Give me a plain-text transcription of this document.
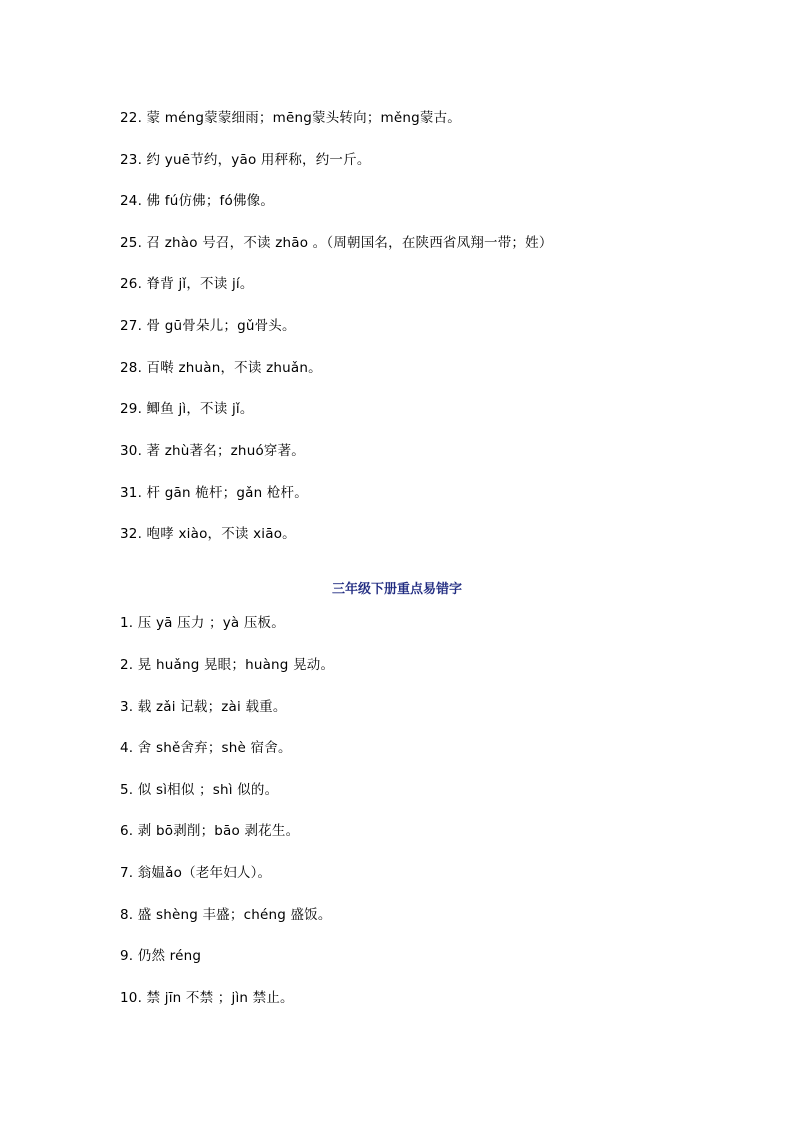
22. 蒙 méng蒙蒙细雨；mēng蒙头转向；měng蒙古。
23. 约 yuē节约，yāo 用秤称，约一斤。
24. 佛 fú仿佛；fó佛像。
25. 召 zhào 号召，不读 zhāo 。（周朝国名，在陕西省凤翔一带；姓）
26. 脊背 jǐ，不读 jí。
27. 骨 gū骨朵儿；gǔ骨头。
28. 百啭 zhuàn，不读 zhuǎn。
29. 鲫鱼 jì，不读 jǐ。
30. 著 zhù著名；zhuó穿著。
31. 杆 gān 桅杆；gǎn 枪杆。
32. 咆哮 xiào，不读 xiāo。
三年级下册重点易错字
1. 压 yā 压力 ；yà 压板。
2. 晃 huǎng 晃眼；huàng 晃动。
3. 载 zǎi 记载；zài 载重。
4. 舍 shě舍弃；shè 宿舍。
5. 似 sì相似 ；shì 似的。
6. 剥 bō剥削；bāo 剥花生。
7. 翁媪ǎo（老年妇人）。
8. 盛 shèng 丰盛；chéng 盛饭。
9. 仍然 réng
10. 禁 jīn 不禁 ；jìn 禁止。
